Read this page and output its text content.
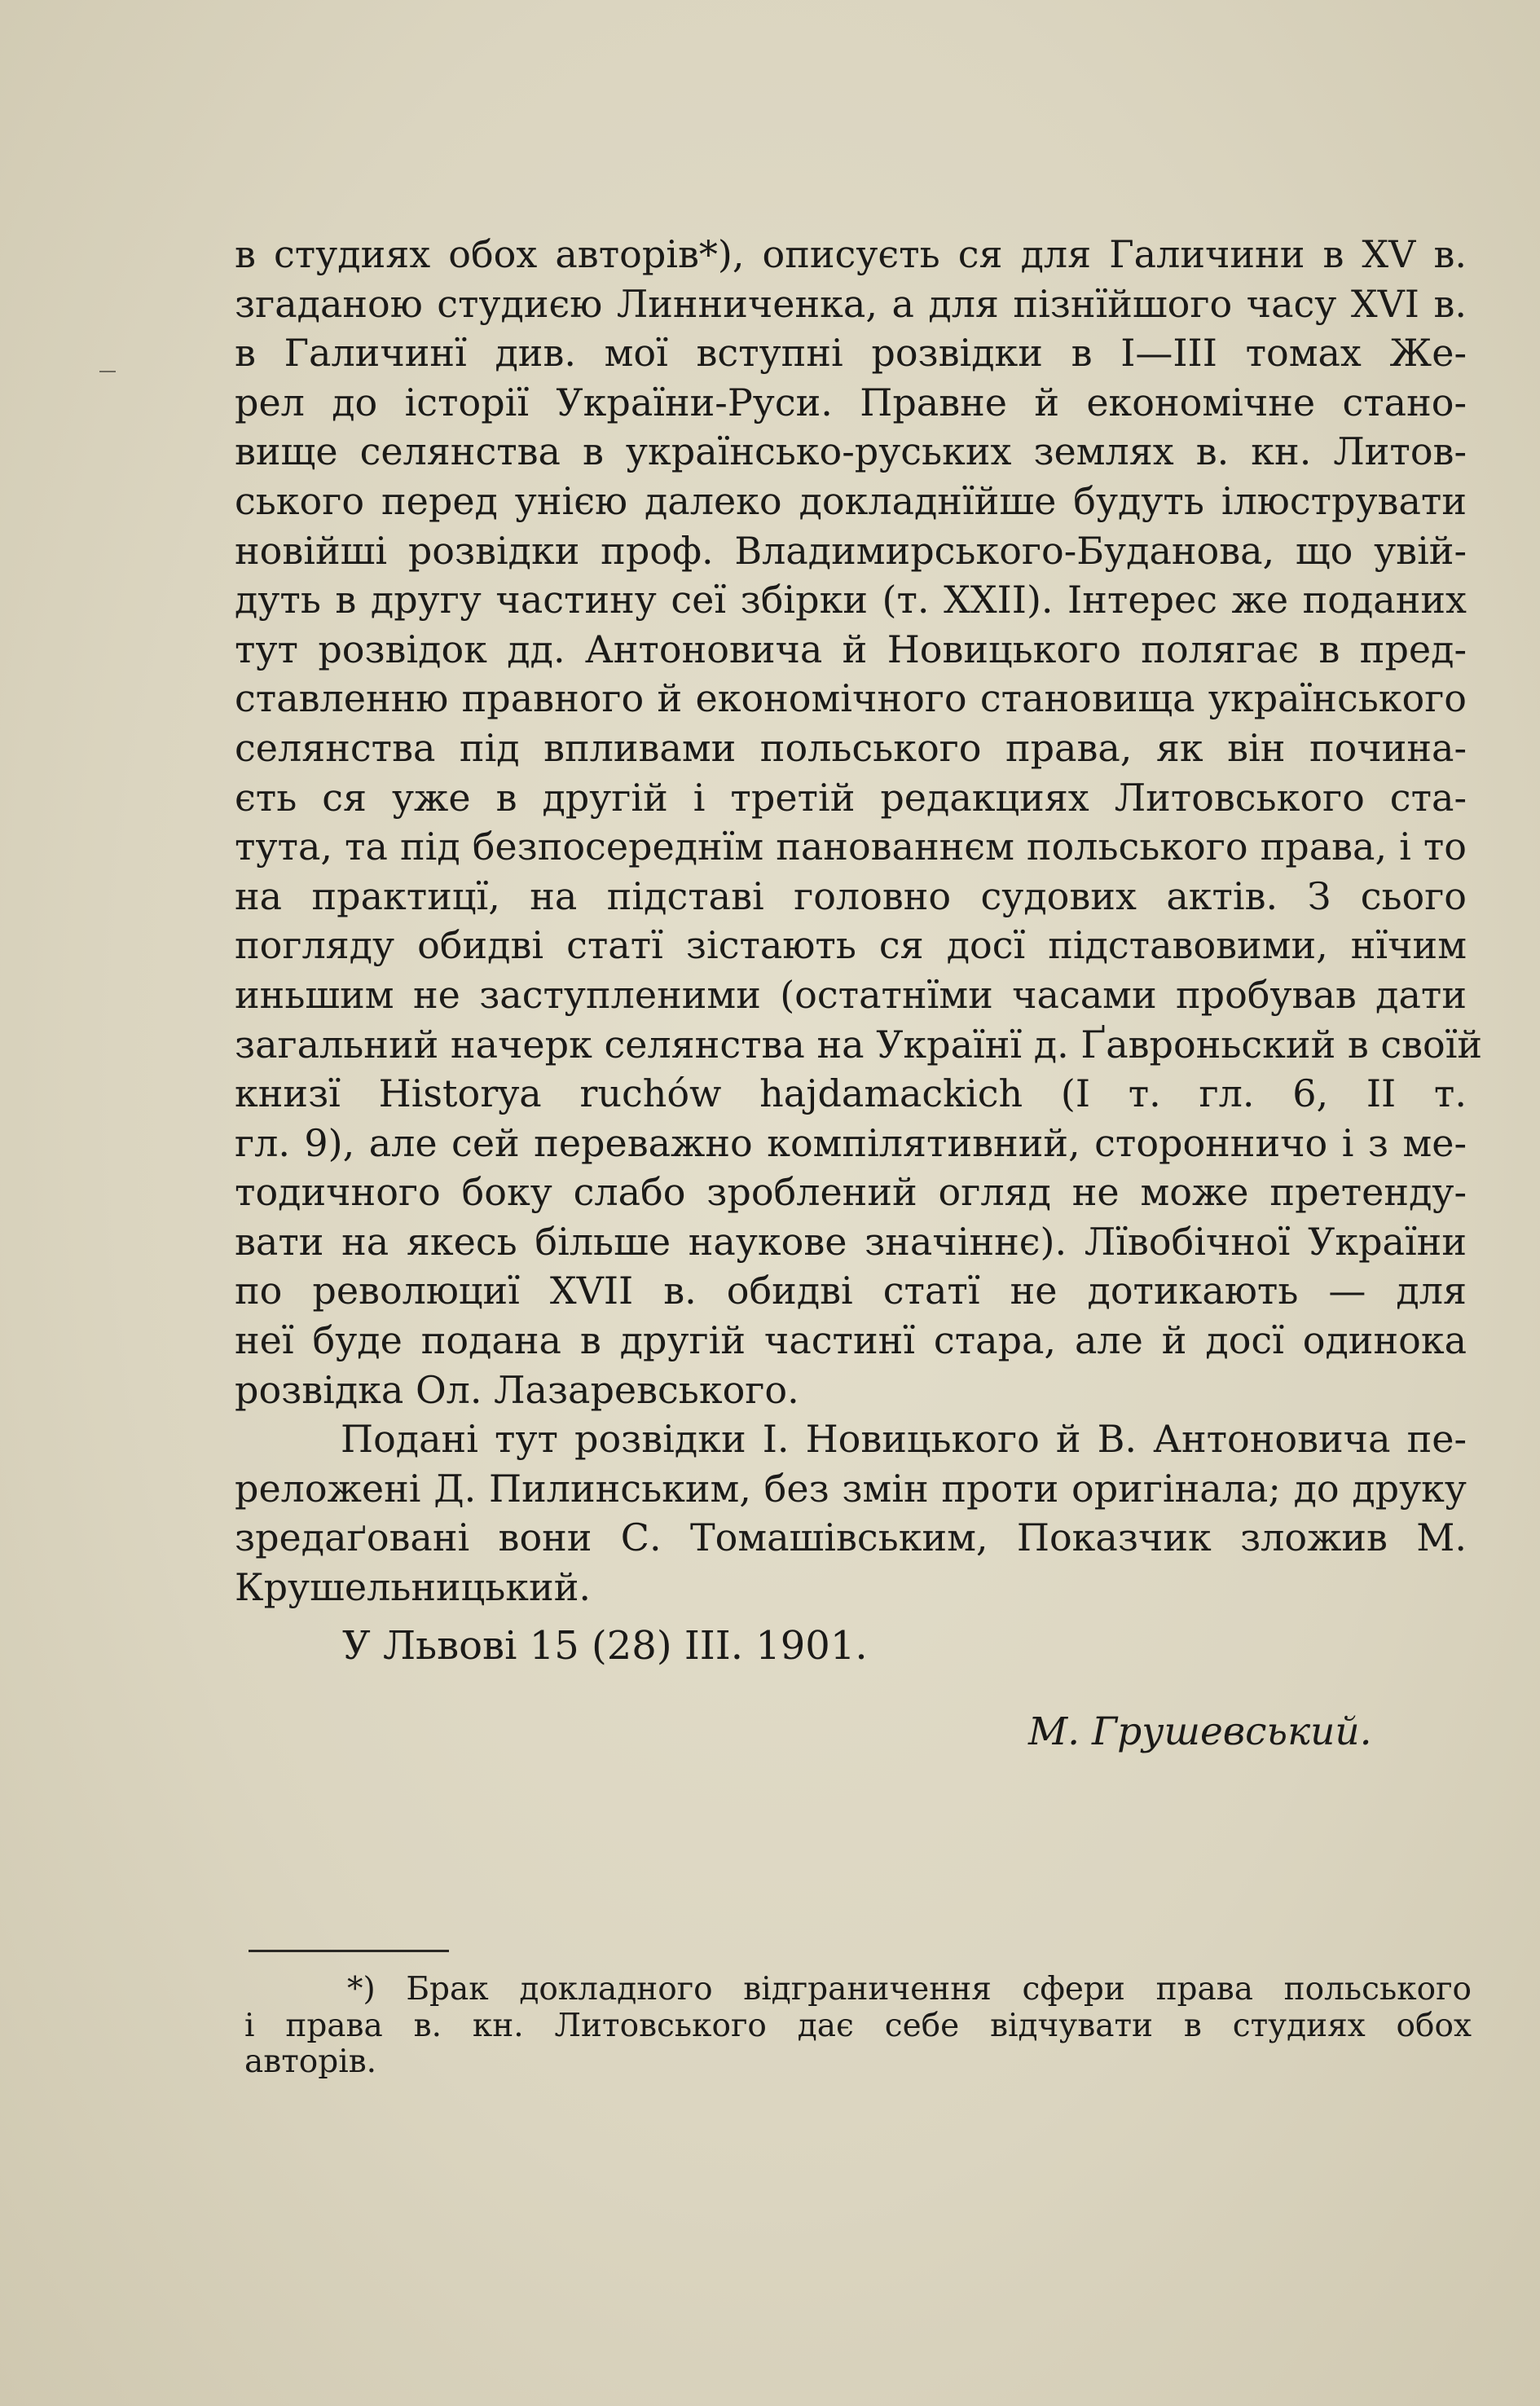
в студиях обох авторів*), описуєть ся для Галичини в XV в.
згаданою студиєю Линниченка, а для пізнїйшого часу XVI в.
в Галичинї див. мої вступні розвідки в I—III томах Же-
рел до історії України-Руси. Правне й економічне стано-
вище селянства в українсько-руських землях в. кн. Литов-
ського перед унією далеко докладнїйше будуть ілюструвати
новійші розвідки проф. Владимирського-Буданова, що увій-
дуть в другу частину сеї збірки (т. XXII). Інтерес же поданих
тут розвідок дд. Антоновича й Новицького полягає в пред-
ставленню правного й економічного становища українського
селянства під впливами польського права, як він почина-
єть ся уже в другій і третій редакциях Литовського ста-
тута, та під безпосереднїм панованнєм польського права, і то
на практицї, на підставі головно судових актів. З сього
погляду обидві статї зістають ся досї підставовими, нїчим
иньшим не заступленими (остатнїми часами пробував дати
загальний начерк селянства на Українї д. Ґавроньский в своїй
книзї Historya ruchów hajdamackich (I т. гл. 6, II т.
гл. 9), але сей переважно компілятивний, сторонничо і з ме-
тодичного боку слабо зроблений огляд не може претенду-
вати на якесь більше наукове значіннє). Лївобічної України
по революциї XVII в. обидві статї не дотикають — для
неї буде подана в другій частинї стара, але й досї одинока
розвідка Ол. Лазаревського.
Подані тут розвідки І. Новицького й В. Антоновича пе-
реложені Д. Пилинським, без змін проти оригінала; до друку
зредаґовані вони С. Томашівським, Показчик зложив М.
Крушельницький.
У Львові 15 (28) III. 1901.
М. Грушевський.
*) Брак докладного відграничення сфери права польського
і права в. кн. Литовського дає себе відчувати в студиях обох
авторів.
